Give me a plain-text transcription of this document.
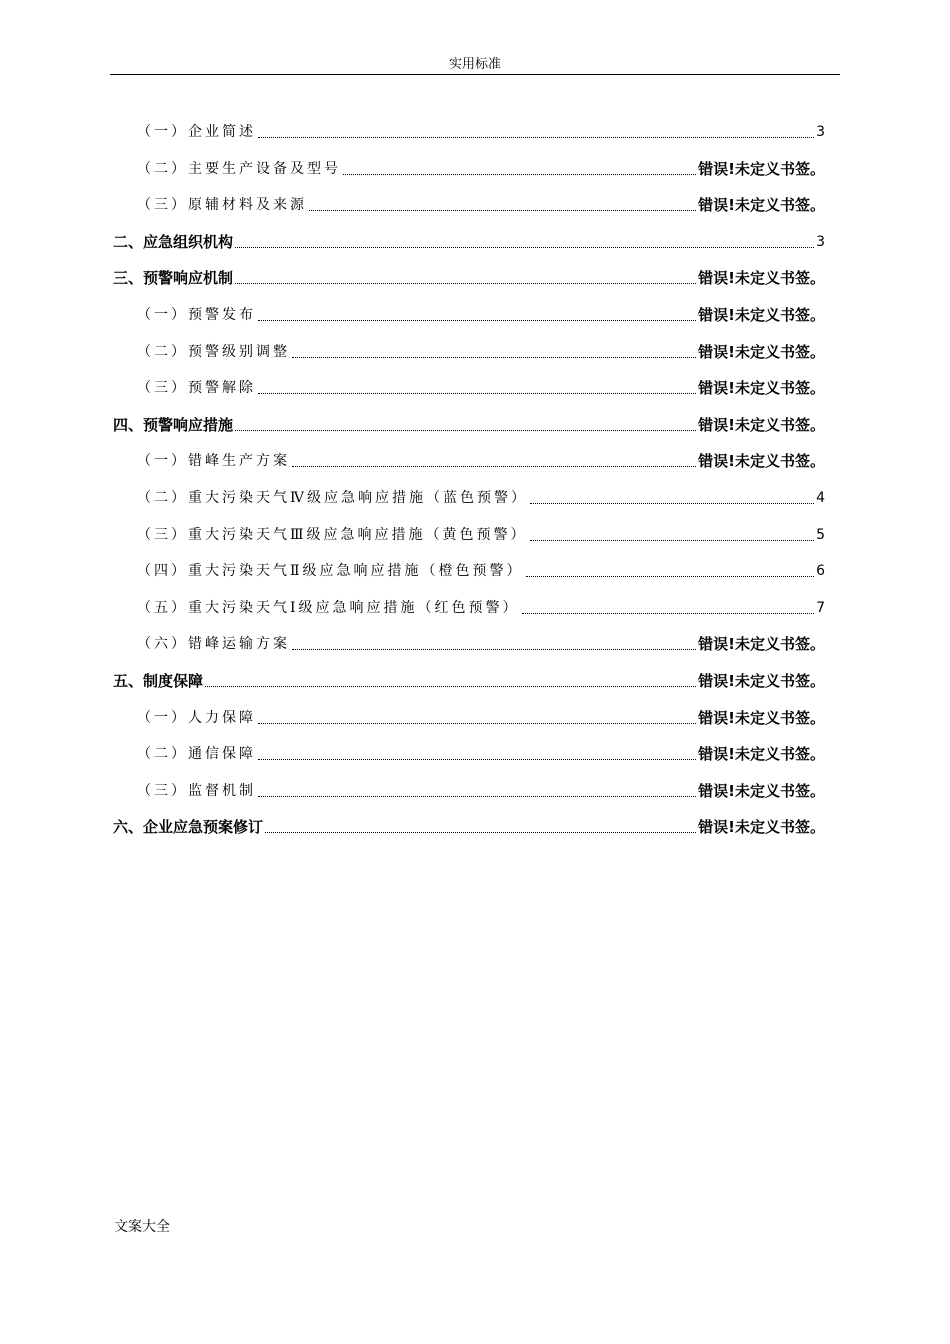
实用标准
（一）企业简述	3
（二）主要生产设备及型号	错误!未定义书签。
（三）原辅材料及来源	错误!未定义书签。
二、应急组织机构	3
三、预警响应机制	错误!未定义书签。
（一）预警发布	错误!未定义书签。
（二）预警级别调整	错误!未定义书签。
（三）预警解除	错误!未定义书签。
四、预警响应措施	错误!未定义书签。
（一）错峰生产方案	错误!未定义书签。
（二）重大污染天气Ⅳ级应急响应措施（蓝色预警）	4
（三）重大污染天气Ⅲ级应急响应措施（黄色预警）	5
（四）重大污染天气Ⅱ级应急响应措施（橙色预警）	6
（五）重大污染天气Ⅰ级应急响应措施（红色预警）	7
（六）错峰运输方案	错误!未定义书签。
五、制度保障	错误!未定义书签。
（一）人力保障	错误!未定义书签。
（二）通信保障	错误!未定义书签。
（三）监督机制	错误!未定义书签。
六、企业应急预案修订	错误!未定义书签。
文案大全
